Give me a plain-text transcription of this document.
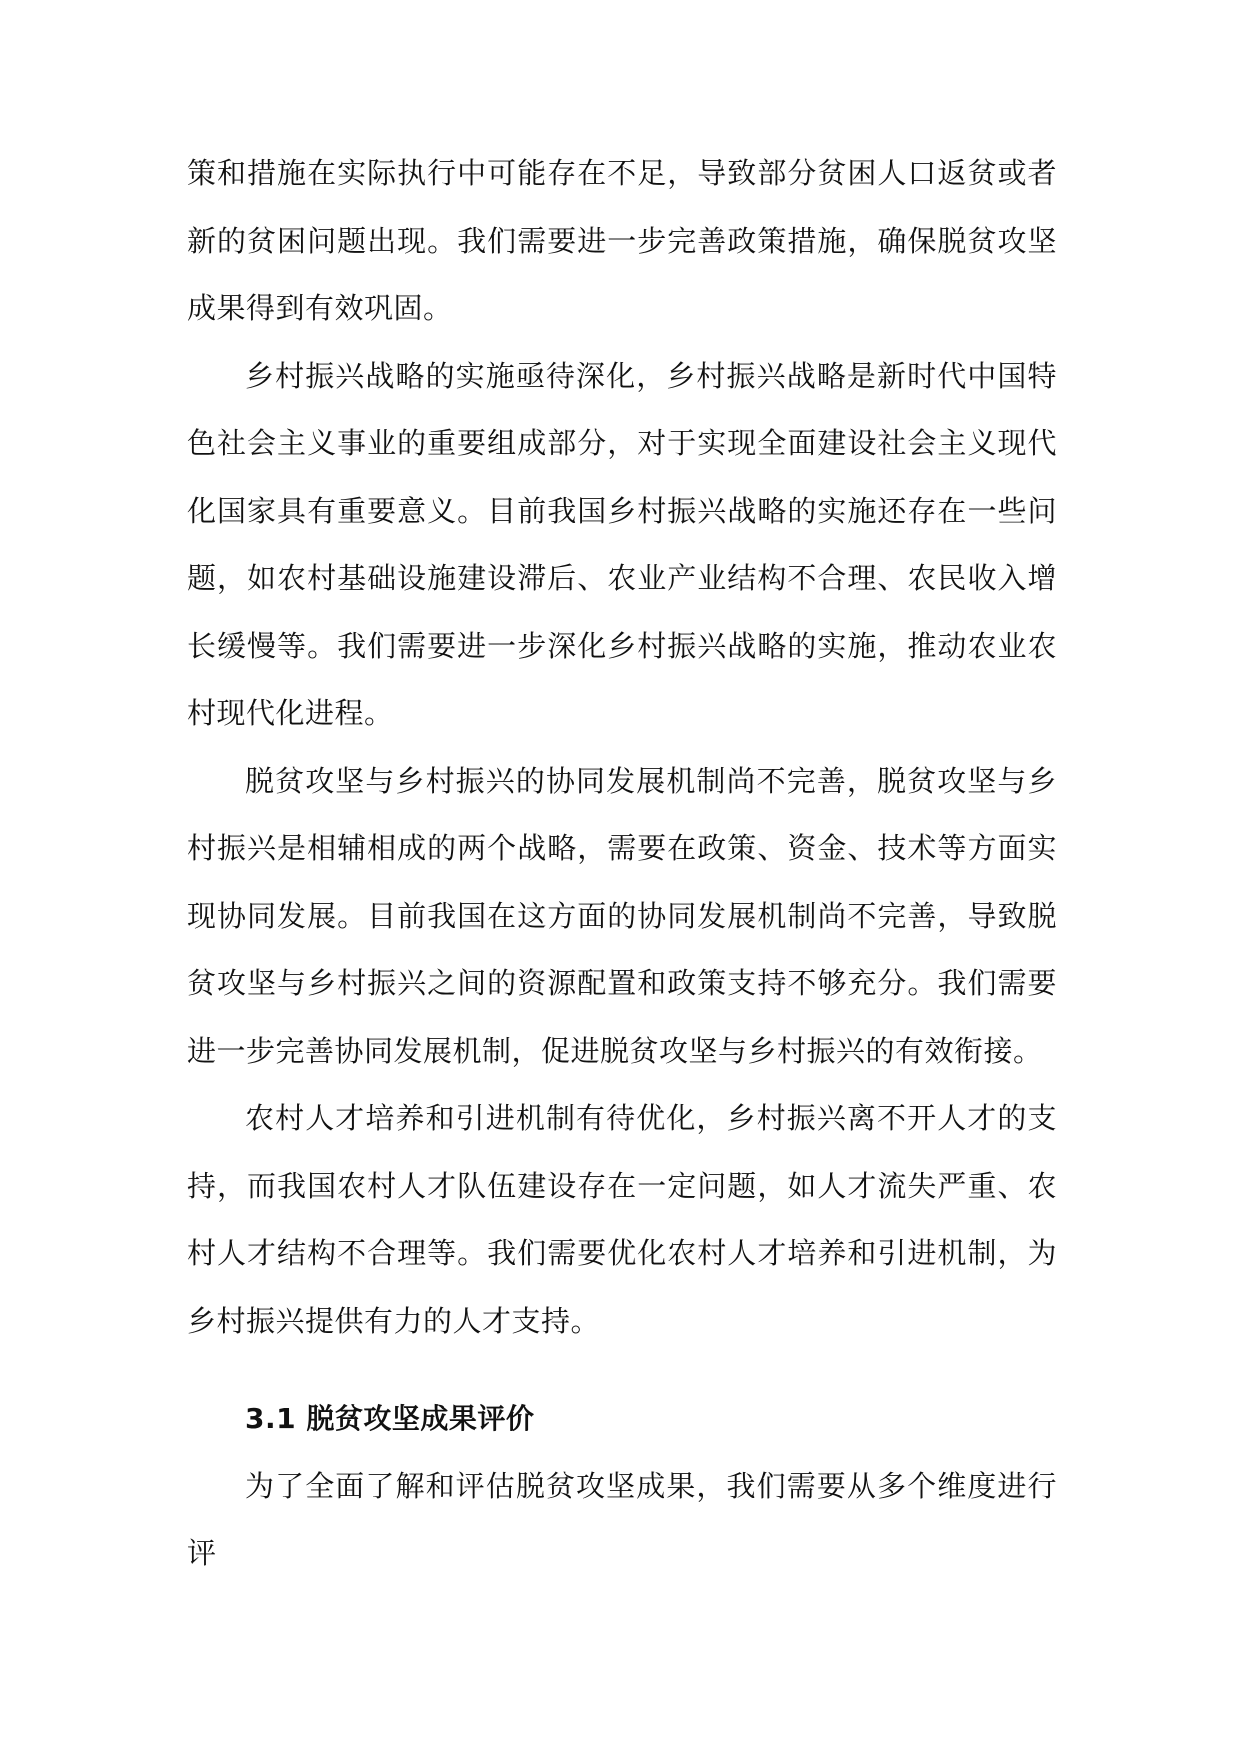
策和措施在实际执行中可能存在不足，导致部分贫困人口返贫或者新的贫困问题出现。我们需要进一步完善政策措施，确保脱贫攻坚成果得到有效巩固。

乡村振兴战略的实施亟待深化，乡村振兴战略是新时代中国特色社会主义事业的重要组成部分，对于实现全面建设社会主义现代化国家具有重要意义。目前我国乡村振兴战略的实施还存在一些问题，如农村基础设施建设滞后、农业产业结构不合理、农民收入增长缓慢等。我们需要进一步深化乡村振兴战略的实施，推动农业农村现代化进程。

脱贫攻坚与乡村振兴的协同发展机制尚不完善，脱贫攻坚与乡村振兴是相辅相成的两个战略，需要在政策、资金、技术等方面实现协同发展。目前我国在这方面的协同发展机制尚不完善，导致脱贫攻坚与乡村振兴之间的资源配置和政策支持不够充分。我们需要进一步完善协同发展机制，促进脱贫攻坚与乡村振兴的有效衔接。

农村人才培养和引进机制有待优化，乡村振兴离不开人才的支持，而我国农村人才队伍建设存在一定问题，如人才流失严重、农村人才结构不合理等。我们需要优化农村人才培养和引进机制，为乡村振兴提供有力的人才支持。

3.1 脱贫攻坚成果评价

为了全面了解和评估脱贫攻坚成果，我们需要从多个维度进行评
